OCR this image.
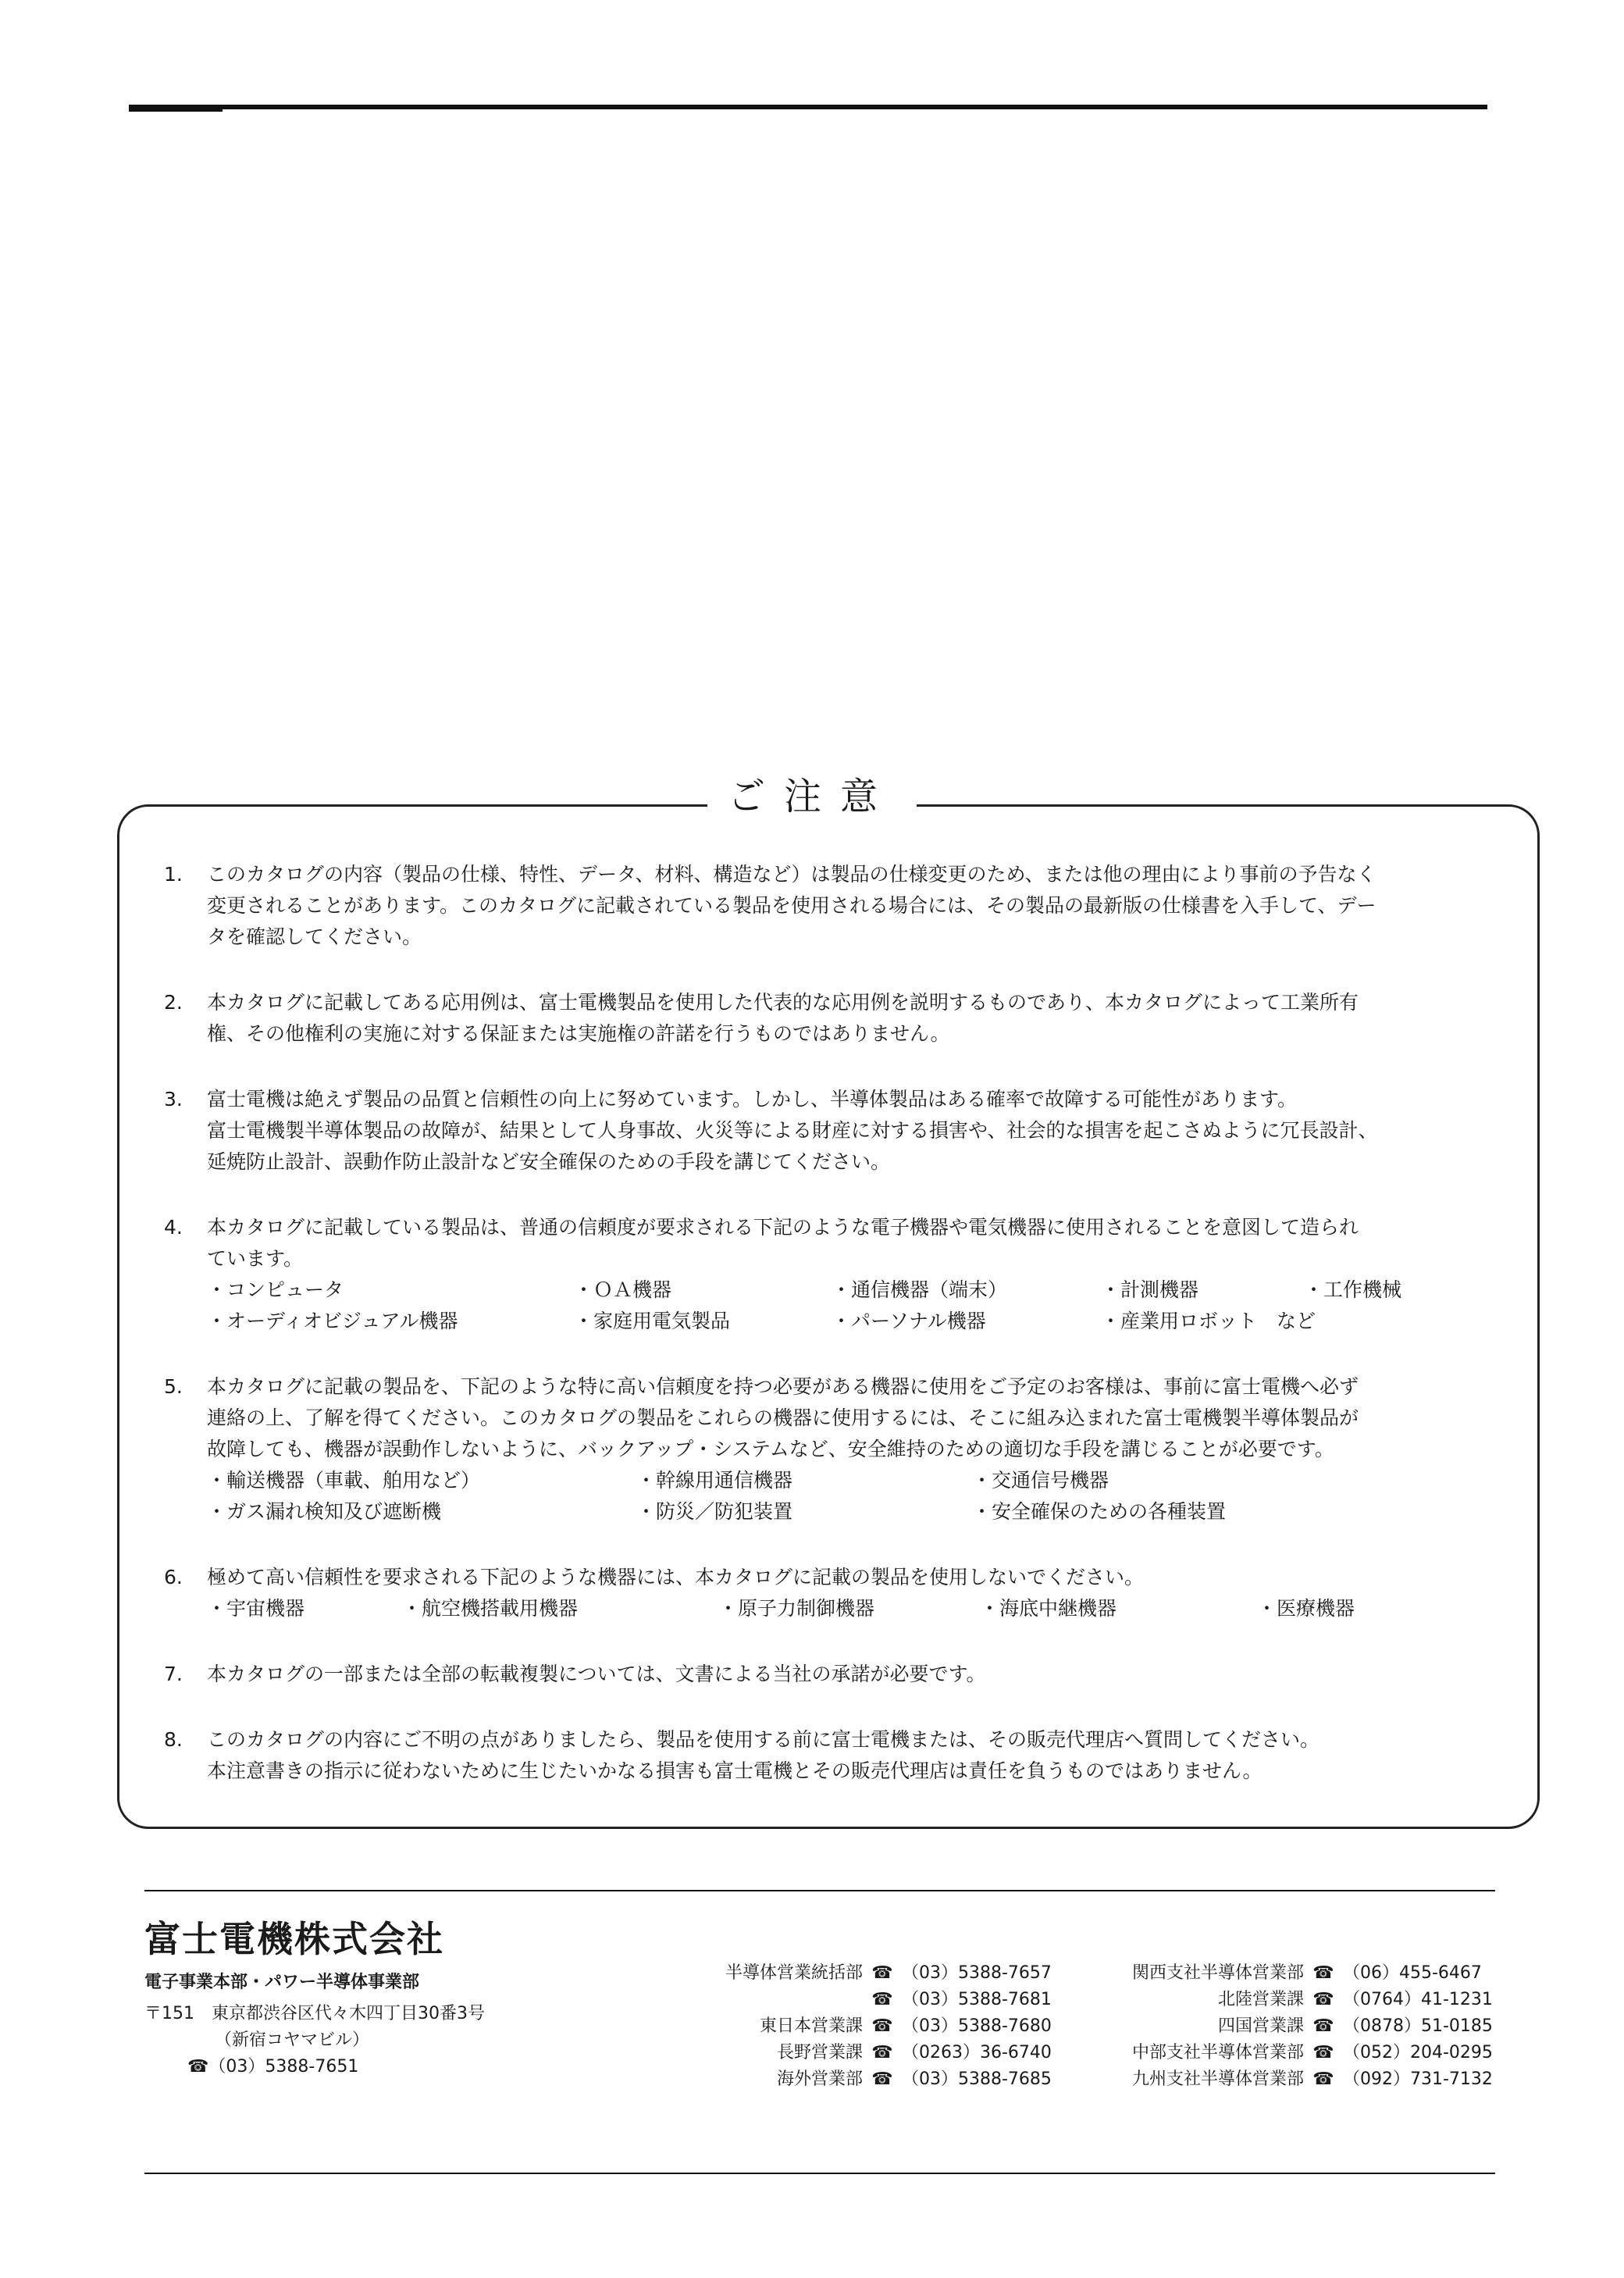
ご注意
1.	このカタログの内容（製品の仕様、特性、データ、材料、構造など）は製品の仕様変更のため、または他の理由により事前の予告なく

変更されることがあります。このカタログに記載されている製品を使用される場合には、その製品の最新版の仕様書を入手して、デー

タを確認してください。

2.	本カタログに記載してある応用例は、富士電機製品を使用した代表的な応用例を説明するものであり、本カタログによって工業所有

権、その他権利の実施に対する保証または実施権の許諾を行うものではありません。

3.	富士電機は絶えず製品の品質と信頼性の向上に努めています。しかし、半導体製品はある確率で故障する可能性があります。

富士電機製半導体製品の故障が、結果として人身事故、火災等による財産に対する損害や、社会的な損害を起こさぬように冗長設計、

延焼防止設計、誤動作防止設計など安全確保のための手段を講じてください。

4.	本カタログに記載している製品は、普通の信頼度が要求される下記のような電子機器や電気機器に使用されることを意図して造られ

ています。

・コンピュータ	・ＯＡ機器	・通信機器（端末）	・計測機器	・工作機械
・オーディオビジュアル機器	・家庭用電気製品	・パーソナル機器	・産業用ロボット　など
5.	本カタログに記載の製品を、下記のような特に高い信頼度を持つ必要がある機器に使用をご予定のお客様は、事前に富士電機へ必ず

連絡の上、了解を得てください。このカタログの製品をこれらの機器に使用するには、そこに組み込まれた富士電機製半導体製品が

故障しても、機器が誤動作しないように、バックアップ・システムなど、安全維持のための適切な手段を講じることが必要です。

・輸送機器（車載、舶用など）	・幹線用通信機器	・交通信号機器
・ガス漏れ検知及び遮断機	・防災／防犯装置	・安全確保のための各種装置
6.	極めて高い信頼性を要求される下記のような機器には、本カタログに記載の製品を使用しないでください。

・宇宙機器	・航空機搭載用機器	・原子力制御機器	・海底中継機器	・医療機器
7.	本カタログの一部または全部の転載複製については、文書による当社の承諾が必要です。

8.	このカタログの内容にご不明の点がありましたら、製品を使用する前に富士電機または、その販売代理店へ質問してください。

本注意書きの指示に従わないために生じたいかなる損害も富士電機とその販売代理店は責任を負うものではありません。

富士電機株式会社
電子事業本部・パワー半導体事業部
〒151　東京都渋谷区代々木四丁目30番3号
（新宿コヤマビル）
☎（03）5388-7651
半導体営業統括部 ☎ （03）5388-7657
☎ （03）5388-7681
東日本営業課 ☎ （03）5388-7680
長野営業課 ☎ （0263）36-6740
海外営業部 ☎ （03）5388-7685
関西支社半導体営業部 ☎ （06）455-6467
北陸営業課 ☎ （0764）41-1231
四国営業課 ☎ （0878）51-0185
中部支社半導体営業部 ☎ （052）204-0295
九州支社半導体営業部 ☎ （092）731-7132
